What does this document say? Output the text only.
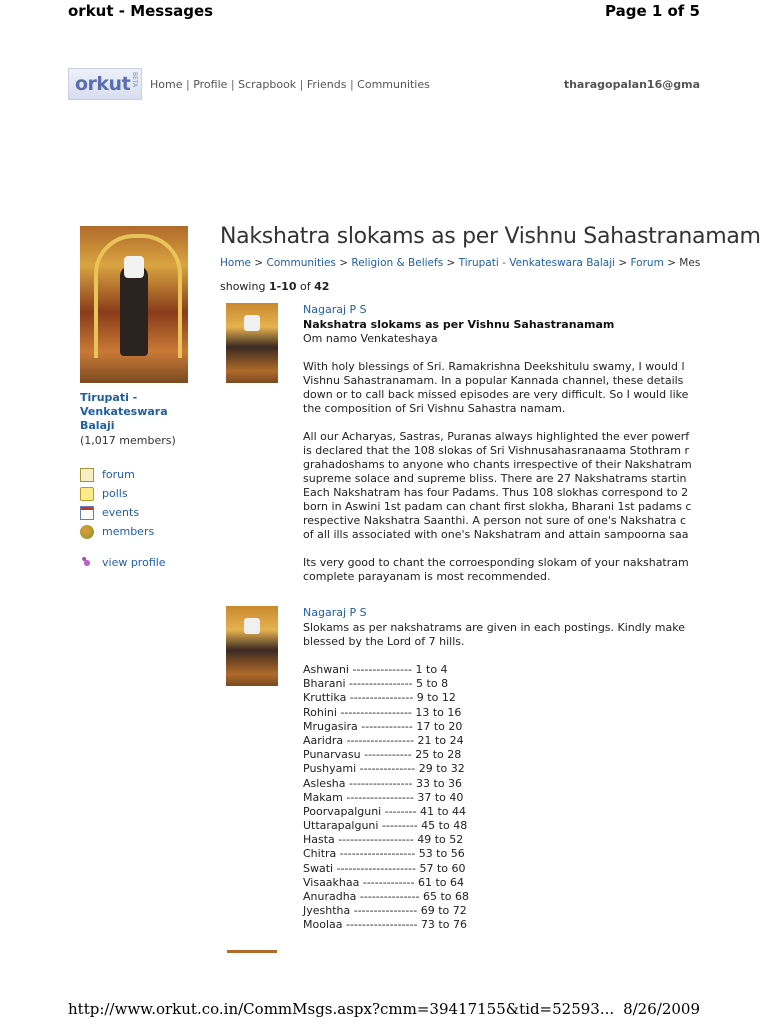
orkut - Messages	Page 1 of 5
orkut BETA Home | Profile | Scrapbook | Friends | Communities	tharagopalan16@gma
Tirupati - Venkateswara Balaji
(1,017 members)
forum
polls
events
members
•
view profile
Nakshatra slokams as per Vishnu Sahastranamam
Home > Communities > Religion & Beliefs > Tirupati - Venkateswara Balaji > Forum > Mes
showing 1-10 of 42
Nagaraj P S
Nakshatra slokams as per Vishnu Sahastranamam
Om namo Venkateshaya
With holy blessings of Sri. Ramakrishna Deekshitulu swamy, I would l
Vishnu Sahastranamam. In a popular Kannada channel, these details
down or to call back missed episodes are very difficult. So I would like
the composition of Sri Vishnu Sahastra namam.
All our Acharyas, Sastras, Puranas always highlighted the ever powerf
is declared that the 108 slokas of Sri Vishnusahasranaama Stothram r
grahadoshams to anyone who chants irrespective of their Nakshatram
supreme solace and supreme bliss. There are 27 Nakshatrams startin
Each Nakshatram has four Padams. Thus 108 slokhas correspond to 2
born in Aswini 1st padam can chant first slokha, Bharani 1st padams c
respective Nakshatra Saanthi. A person not sure of one's Nakshatra c
of all ills associated with one's Nakshatram and attain sampoorna saa
Its very good to chant the corroesponding slokam of your nakshatram
complete parayanam is most recommended.
Nagaraj P S
Slokams as per nakshatrams are given in each postings. Kindly make
blessed by the Lord of 7 hills.
Ashwani --------------- 1 to 4
Bharani ---------------- 5 to 8
Kruttika ---------------- 9 to 12
Rohini ------------------ 13 to 16
Mrugasira ------------- 17 to 20
Aaridra ----------------- 21 to 24
Punarvasu ------------ 25 to 28
Pushyami -------------- 29 to 32
Aslesha ---------------- 33 to 36
Makam ----------------- 37 to 40
Poorvapalguni -------- 41 to 44
Uttarapalguni --------- 45 to 48
Hasta ------------------- 49 to 52
Chitra ------------------- 53 to 56
Swati -------------------- 57 to 60
Visaakhaa ------------- 61 to 64
Anuradha --------------- 65 to 68
Jyeshtha ---------------- 69 to 72
Moolaa ------------------ 73 to 76
http://www.orkut.co.in/CommMsgs.aspx?cmm=39417155&tid=52593... 8/26/2009
